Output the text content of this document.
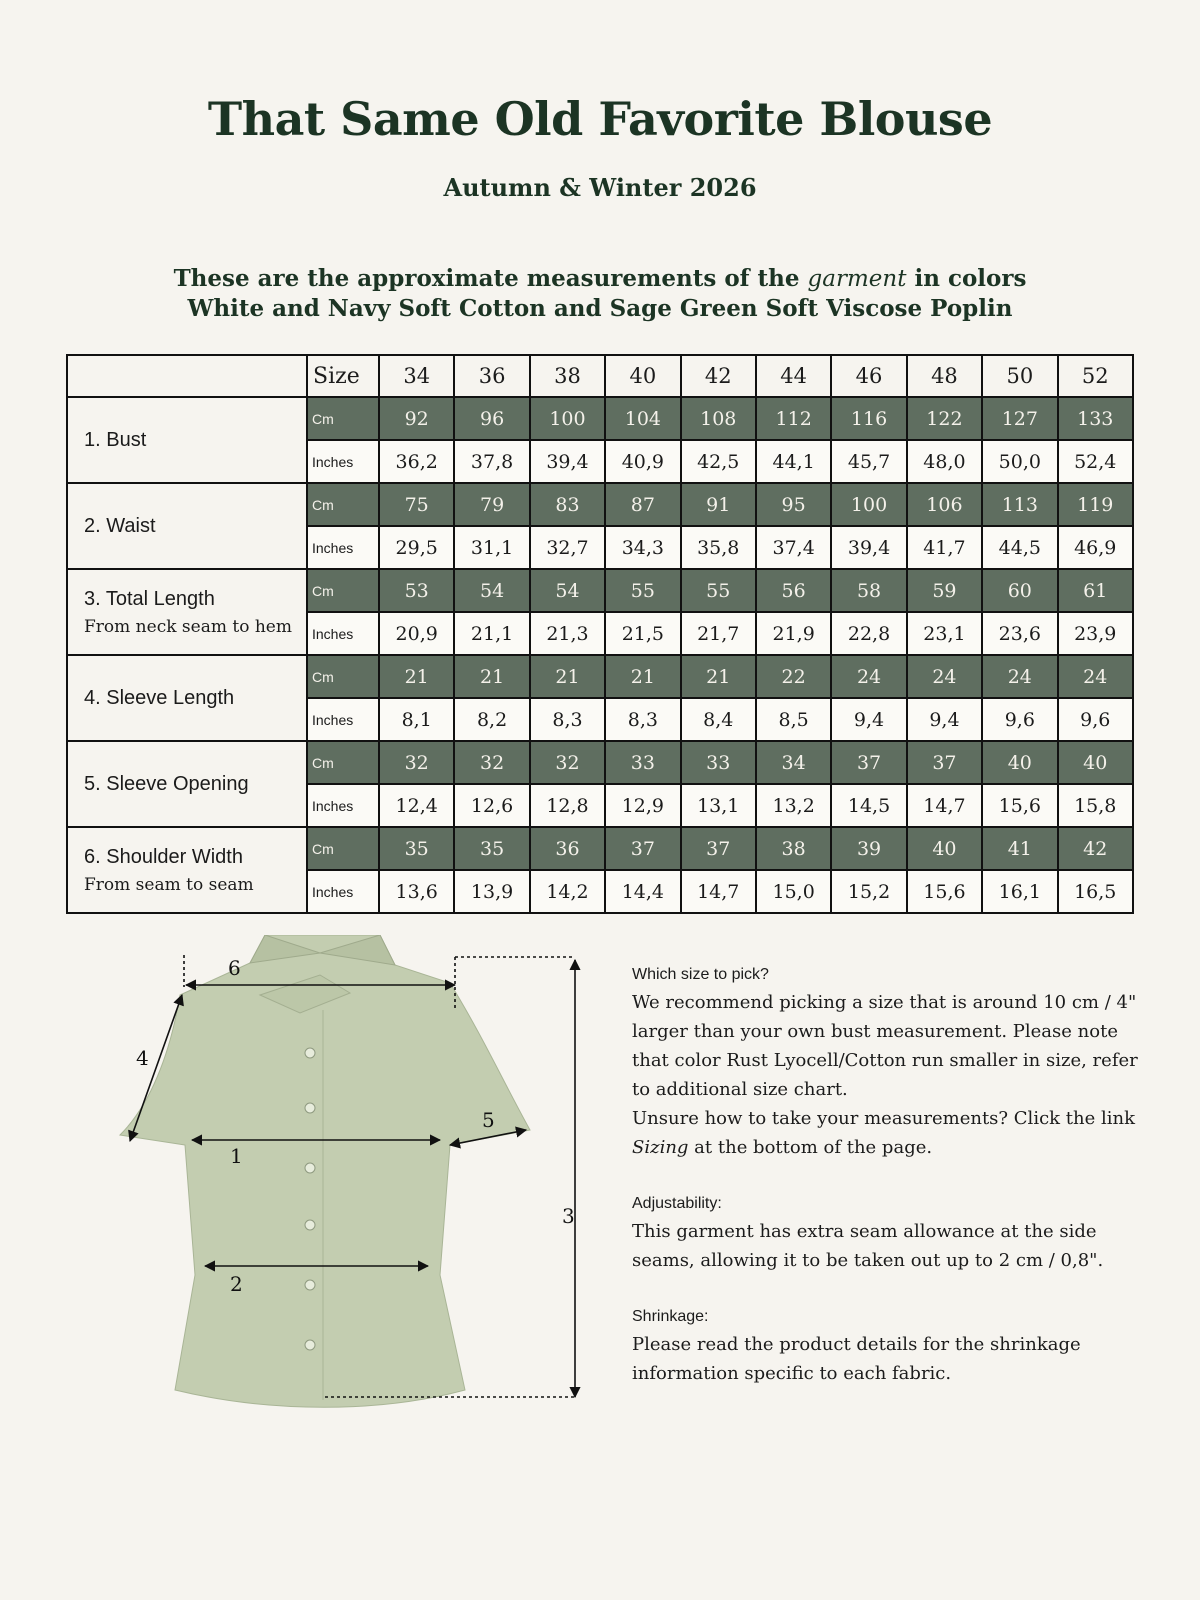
That Same Old Favorite Blouse
Autumn & Winter 2026
These are the approximate measurements of the garment in colors
White and Navy Soft Cotton and Sage Green Soft Viscose Poplin
	Size	34	36	38	40	42	44	46	48	50	52
1. Bust	Cm	92	96	100	104	108	112	116	122	127	133
	Inches	36,2	37,8	39,4	40,9	42,5	44,1	45,7	48,0	50,0	52,4
2. Waist	Cm	75	79	83	87	91	95	100	106	113	119
	Inches	29,5	31,1	32,7	34,3	35,8	37,4	39,4	41,7	44,5	46,9
3. Total Length
From neck seam to hem	Cm	53	54	54	55	55	56	58	59	60	61
	Inches	20,9	21,1	21,3	21,5	21,7	21,9	22,8	23,1	23,6	23,9
4. Sleeve Length	Cm	21	21	21	21	21	22	24	24	24	24
	Inches	8,1	8,2	8,3	8,3	8,4	8,5	9,4	9,4	9,6	9,6
5. Sleeve Opening	Cm	32	32	32	33	33	34	37	37	40	40
	Inches	12,4	12,6	12,8	12,9	13,1	13,2	14,5	14,7	15,6	15,8
6. Shoulder Width
From seam to seam	Cm	35	35	36	37	37	38	39	40	41	42
	Inches	13,6	13,9	14,2	14,4	14,7	15,0	15,2	15,6	16,1	16,5
1
2
3
4
5
6	Which size to pick?

We recommend picking a size that is around 10 cm / 4" larger than your own bust measurement. Please note that color Rust Lyocell/Cotton run smaller in size, refer to additional size chart.

Unsure how to take your measurements? Click the link
Sizing at the bottom of the page.

Adjustability:

This garment has extra seam allowance at the side seams, allowing it to be taken out up to 2 cm / 0,8".

Shrinkage:

Please read the product details for the shrinkage information specific to each fabric.
